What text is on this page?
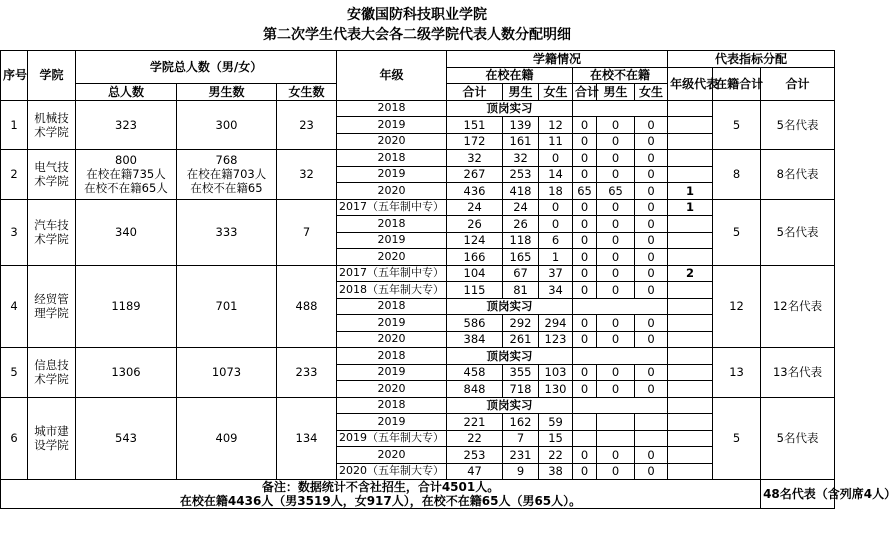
安徽国防科技职业学院
第二次学生代表大会各二级学院代表人数分配明细
序号	学院	学院总人数（男/女）			年级	学籍情况						代表指标分配		
						在校在籍			在校不在籍			年级代表	在籍合计	合计
		总人数	男生数	女生数		合计	男生	女生	合计	男生	女生			
1	机械技术学院	323	300	23	2018	顶岗实习							5	5名代表
					2019	151	139	12	0	0	0			
					2020	172	161	11	0	0	0			
2	电气技术学院	800
在校在籍735人
在校不在籍65人	768
在校在籍703人
在校不在籍65	32	2018	32	32	0	0	0	0		8	8名代表
					2019	267	253	14	0	0	0			
					2020	436	418	18	65	65	0	1		
3	汽车技术学院	340	333	7	2017（五年制中专）	24	24	0	0	0	0	1	5	5名代表
					2018	26	26	0	0	0	0			
					2019	124	118	6	0	0	0			
					2020	166	165	1	0	0	0			
4	经贸管理学院	1189	701	488	2017（五年制中专）	104	67	37	0	0	0	2	12	12名代表
					2018（五年制大专）	115	81	34	0	0	0			
					2018	顶岗实习								
					2019	586	292	294	0	0	0			
					2020	384	261	123	0	0	0			
5	信息技术学院	1306	1073	233	2018	顶岗实习							13	13名代表
					2019	458	355	103	0	0	0			
					2020	848	718	130	0	0	0			
6	城市建设学院	543	409	134	2018	顶岗实习							5	5名代表
					2019	221	162	59						
					2019（五年制大专）	22	7	15						
					2020	253	231	22	0	0	0			
					2020（五年制大专）	47	9	38	0	0	0			

备注：数据统计不含社招生，合计4501人。
在校在籍4436人（男3519人，女917人），在校不在籍65人（男65人）。														48名代表（含列席4人）
